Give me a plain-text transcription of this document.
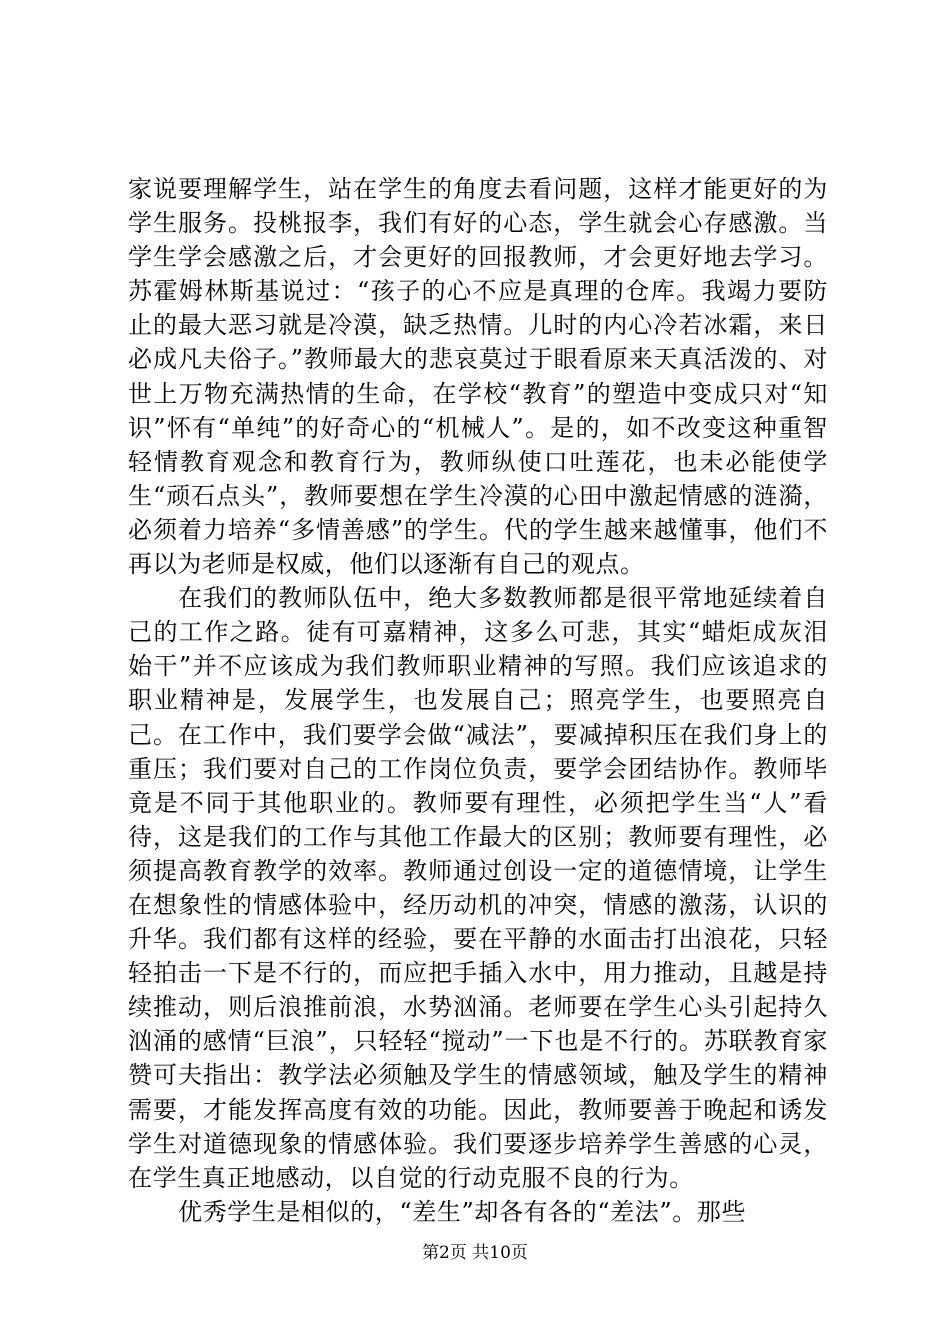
家说要理解学生，站在学生的角度去看问题，这样才能更好的为学生服务。投桃报李，我们有好的心态，学生就会心存感激。当学生学会感激之后，才会更好的回报教师，才会更好地去学习。苏霍姆林斯基说过：“孩子的心不应是真理的仓库。我竭力要防止的最大恶习就是冷漠，缺乏热情。儿时的内心冷若冰霜，来日必成凡夫俗子。”教师最大的悲哀莫过于眼看原来天真活泼的、对世上万物充满热情的生命，在学校“教育”的塑造中变成只对“知识”怀有“单纯”的好奇心的“机械人”。是的，如不改变这种重智轻情教育观念和教育行为，教师纵使口吐莲花，也未必能使学生“顽石点头”，教师要想在学生冷漠的心田中激起情感的涟漪，必须着力培养“多情善感”的学生。代的学生越来越懂事，他们不再以为老师是权威，他们以逐渐有自己的观点。

在我们的教师队伍中，绝大多数教师都是很平常地延续着自己的工作之路。徒有可嘉精神，这多么可悲，其实“蜡炬成灰泪始干”并不应该成为我们教师职业精神的写照。我们应该追求的职业精神是，发展学生，也发展自己；照亮学生，也要照亮自己。在工作中，我们要学会做“减法”，要减掉积压在我们身上的重压；我们要对自己的工作岗位负责，要学会团结协作。教师毕竟是不同于其他职业的。教师要有理性，必须把学生当“人”看待，这是我们的工作与其他工作最大的区别；教师要有理性，必须提高教育教学的效率。教师通过创设一定的道德情境，让学生在想象性的情感体验中，经历动机的冲突，情感的激荡，认识的升华。我们都有这样的经验，要在平静的水面击打出浪花，只轻轻拍击一下是不行的，而应把手插入水中，用力推动，且越是持续推动，则后浪推前浪，水势汹涌。老师要在学生心头引起持久汹涌的感情“巨浪”，只轻轻“搅动”一下也是不行的。苏联教育家赞可夫指出：教学法必须触及学生的情感领域，触及学生的精神需要，才能发挥高度有效的功能。因此，教师要善于晚起和诱发学生对道德现象的情感体验。我们要逐步培养学生善感的心灵，在学生真正地感动，以自觉的行动克服不良的行为。

优秀学生是相似的，“差生”却各有各的“差法”。那些

第2页 共10页
